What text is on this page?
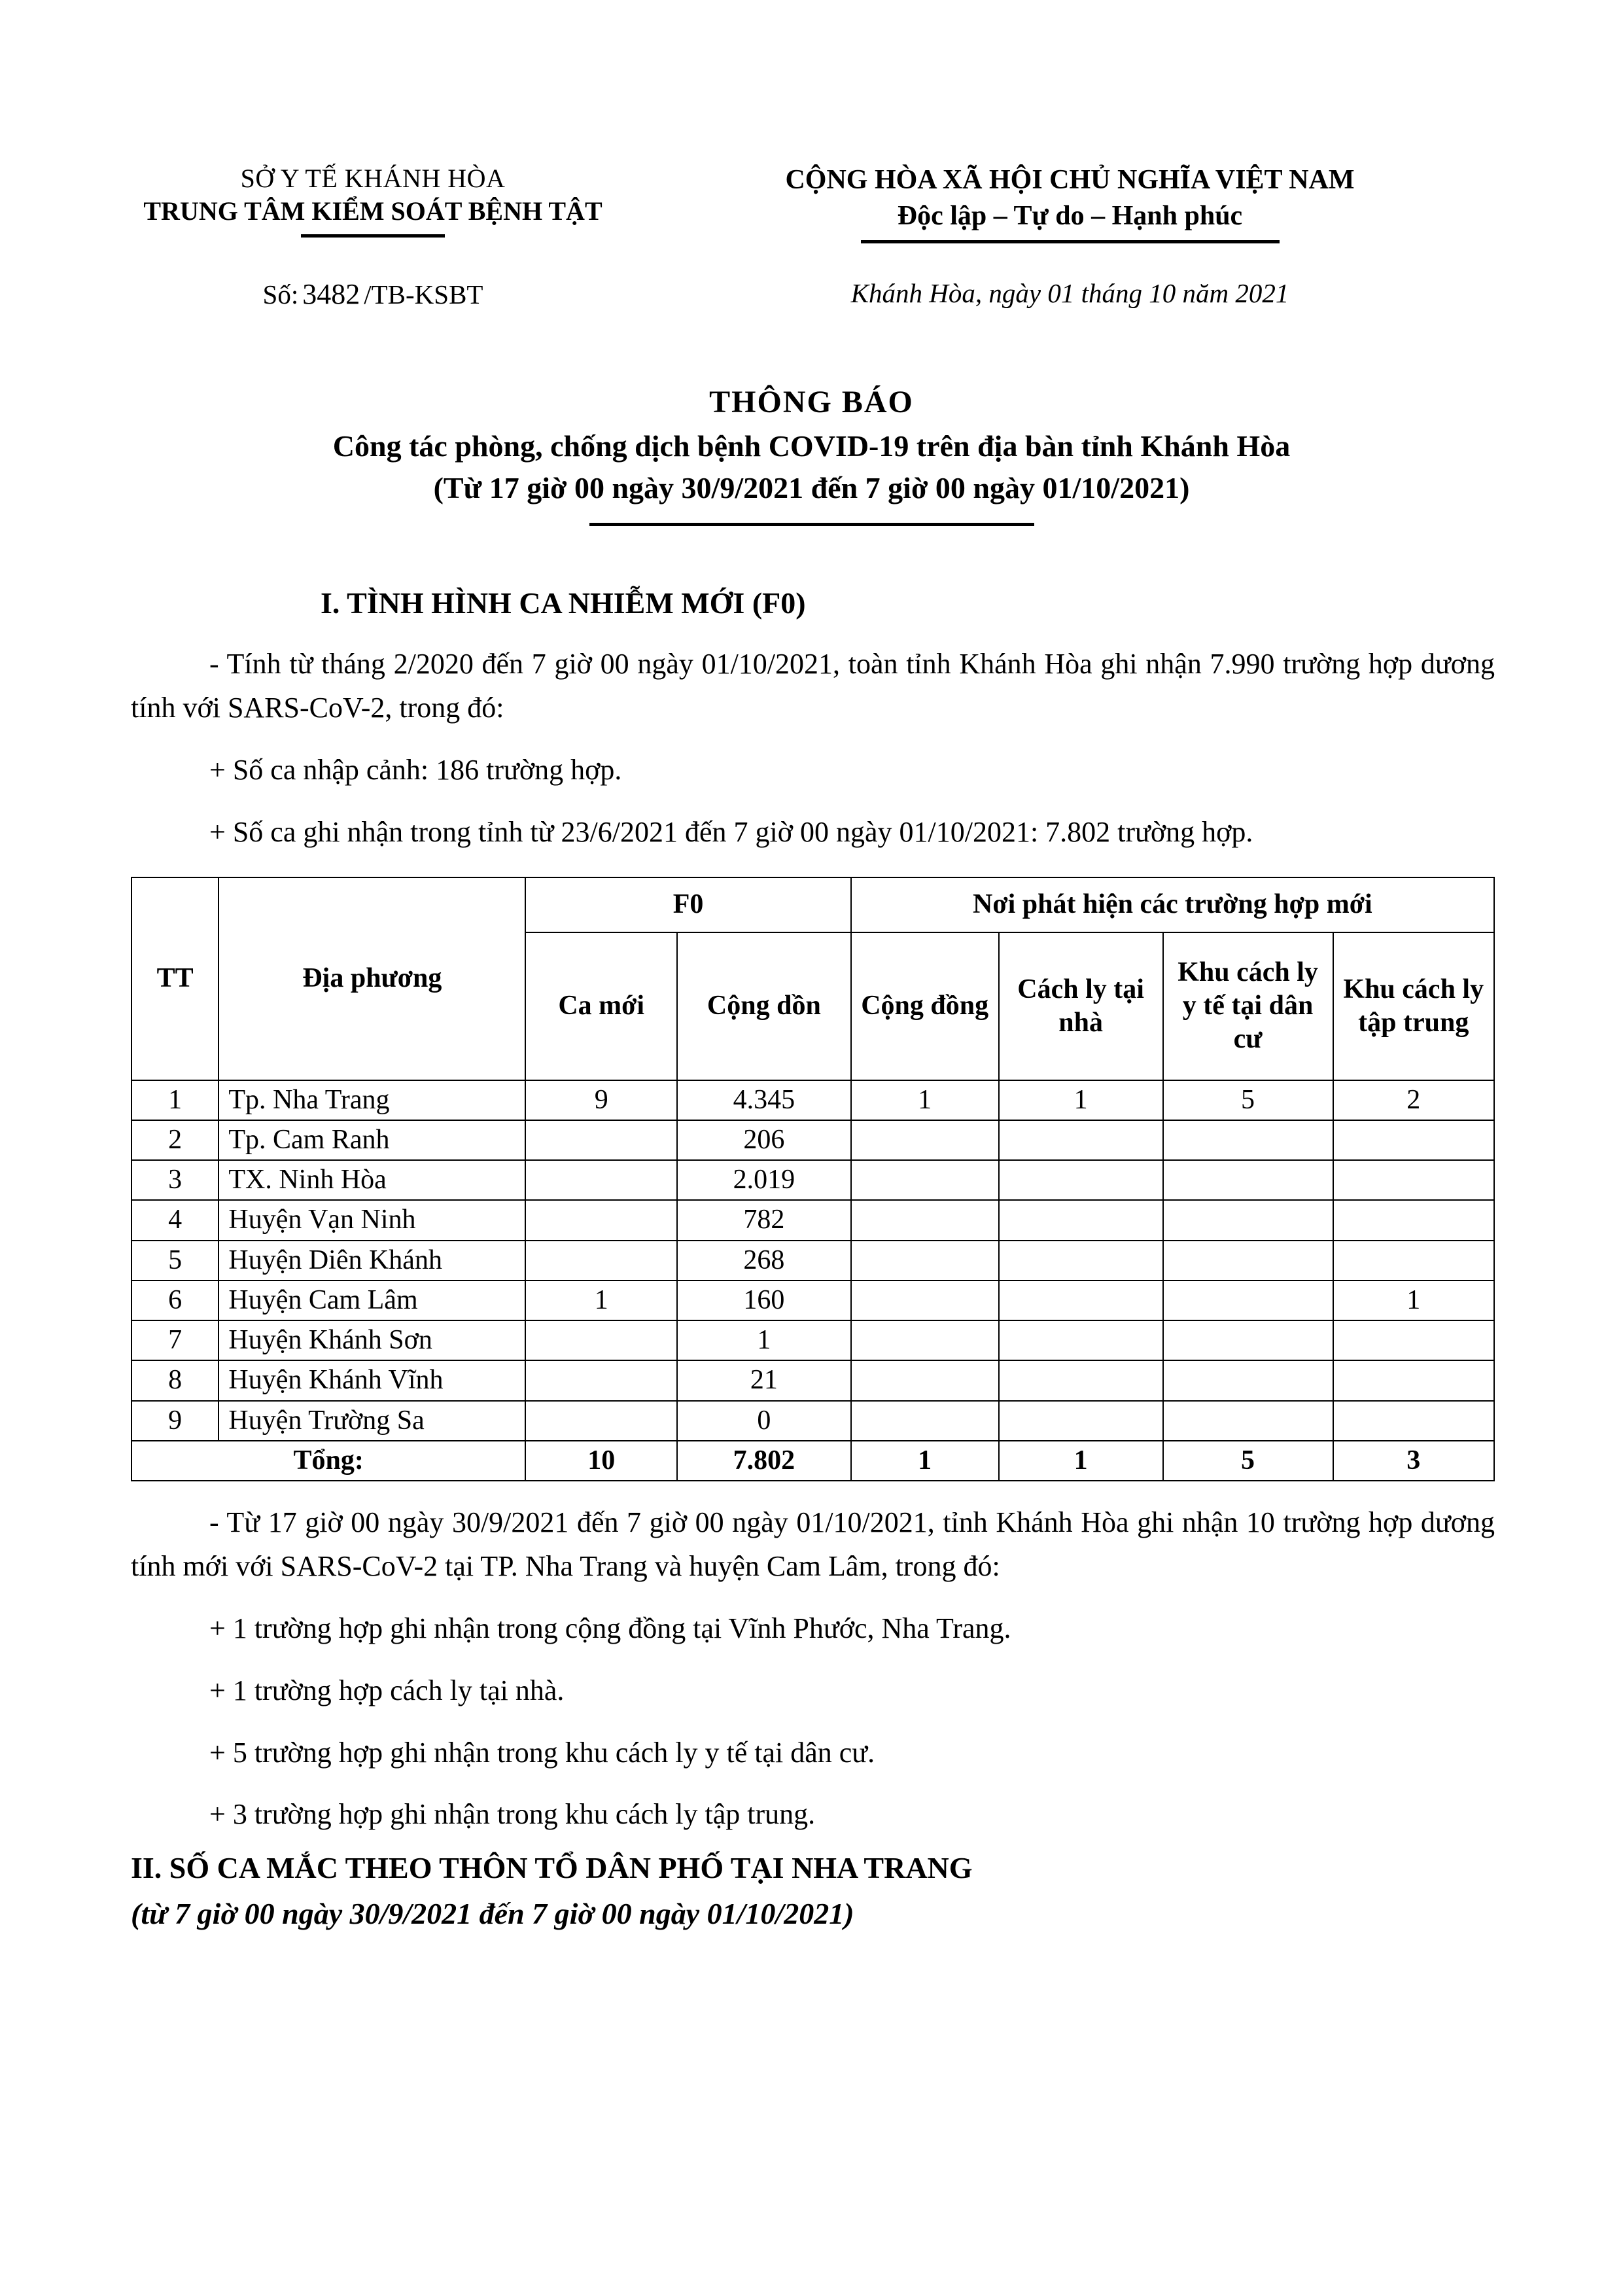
SỞ Y TẾ KHÁNH HÒA
TRUNG TÂM KIỂM SOÁT BỆNH TẬT
CỘNG HÒA XÃ HỘI CHỦ NGHĨA VIỆT NAM
Độc lập – Tự do – Hạnh phúc
Số: 3482 /TB-KSBT	Khánh Hòa, ngày 01 tháng 10 năm 2021
THÔNG BÁO
Công tác phòng, chống dịch bệnh COVID-19 trên địa bàn tỉnh Khánh Hòa
(Từ 17 giờ 00 ngày 30/9/2021 đến 7 giờ 00 ngày 01/10/2021)
I. TÌNH HÌNH CA NHIỄM MỚI (F0)
- Tính từ tháng 2/2020 đến 7 giờ 00 ngày 01/10/2021, toàn tỉnh Khánh Hòa ghi nhận 7.990 trường hợp dương tính với SARS-CoV-2, trong đó:
+ Số ca nhập cảnh: 186 trường hợp.
+ Số ca ghi nhận trong tỉnh từ 23/6/2021 đến 7 giờ 00 ngày 01/10/2021: 7.802 trường hợp.
TT	Địa phương	F0		Nơi phát hiện các trường hợp mới			
		Ca mới	Cộng dồn	Cộng đồng	Cách ly tại nhà	Khu cách ly y tế tại dân cư	Khu cách ly tập trung
1	Tp. Nha Trang	9	4.345	1	1	5	2
2	Tp. Cam Ranh		206				
3	TX. Ninh Hòa		2.019				
4	Huyện Vạn Ninh		782				
5	Huyện Diên Khánh		268				
6	Huyện Cam Lâm	1	160				1
7	Huyện Khánh Sơn		1				
8	Huyện Khánh Vĩnh		21				
9	Huyện Trường Sa		0				
Tổng:		10	7.802	1	1	5	3
- Từ 17 giờ 00 ngày 30/9/2021 đến 7 giờ 00 ngày 01/10/2021, tỉnh Khánh Hòa ghi nhận 10 trường hợp dương tính mới với SARS-CoV-2 tại TP. Nha Trang và huyện Cam Lâm, trong đó:
+ 1 trường hợp ghi nhận trong cộng đồng tại Vĩnh Phước, Nha Trang.
+ 1 trường hợp cách ly tại nhà.
+ 5 trường hợp ghi nhận trong khu cách ly y tế tại dân cư.
+ 3 trường hợp ghi nhận trong khu cách ly tập trung.
II. SỐ CA MẮC THEO THÔN TỔ DÂN PHỐ TẠI NHA TRANG
(từ 7 giờ 00 ngày 30/9/2021 đến 7 giờ 00 ngày 01/10/2021)
